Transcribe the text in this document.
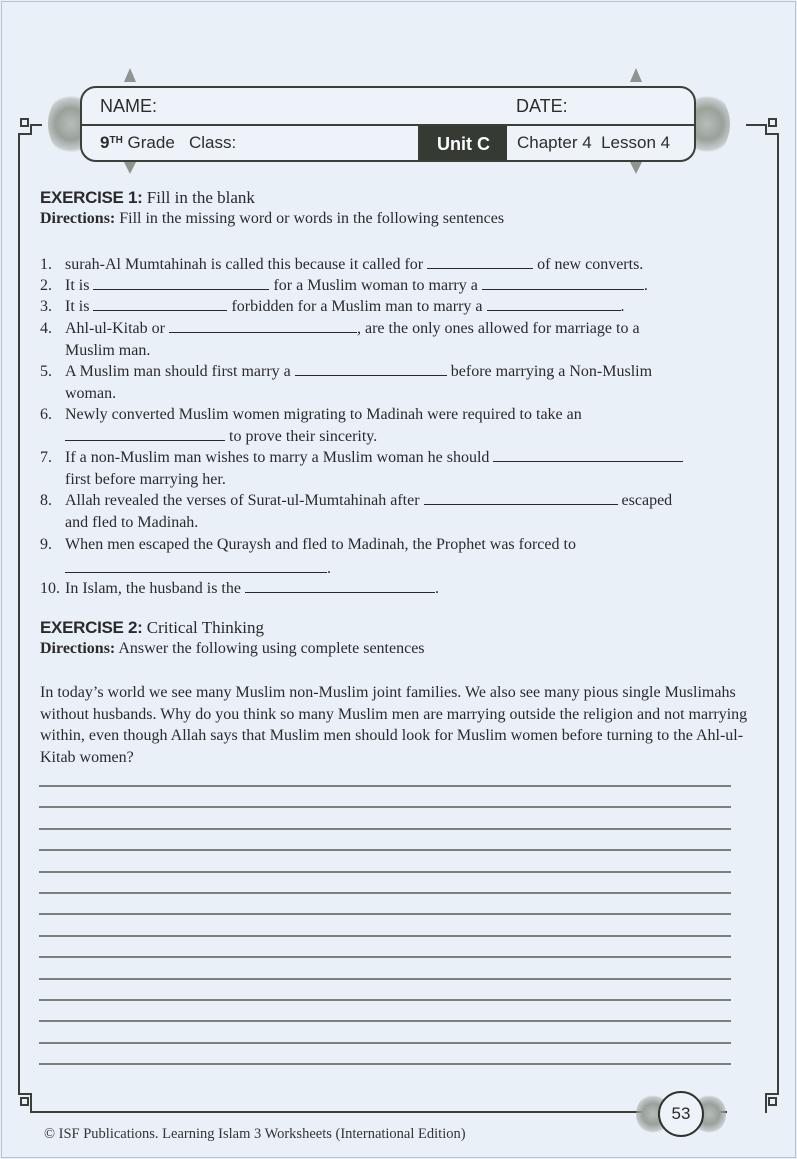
NAME:	DATE:
9TH Grade Class:	Unit C	Chapter 4  Lesson 4
EXERCISE 1: Fill in the blank
Directions: Fill in the missing word or words in the following sentences
1. surah-Al Mumtahinah is called this because it called for	of new converts.
2. It is	for a Muslim woman to marry a	.
3. It is	forbidden for a Muslim man to marry a	.
4. Ahl-ul-Kitab or	, are the only ones allowed for marriage to a
Muslim man.
5. A Muslim man should first marry a	before marrying a Non-Muslim
woman.
6. Newly converted Muslim women migrating to Madinah were required to take an
to prove their sincerity.
7. If a non-Muslim man wishes to marry a Muslim woman he should
first before marrying her.
8. Allah revealed the verses of Surat-ul-Mumtahinah after	escaped
and fled to Madinah.
9. When men escaped the Quraysh and fled to Madinah, the Prophet was forced to
.
10. In Islam, the husband is the	.
EXERCISE 2: Critical Thinking
Directions: Answer the following using complete sentences
In today’s world we see many Muslim non-Muslim joint families. We also see many pious single Muslimahs without husbands. Why do you think so many Muslim men are marrying outside the religion and not marrying within, even though Allah says that Muslim men should look for Muslim women before turning to the Ahl-ul-Kitab women?
53
© ISF Publications. Learning Islam 3 Worksheets (International Edition)
